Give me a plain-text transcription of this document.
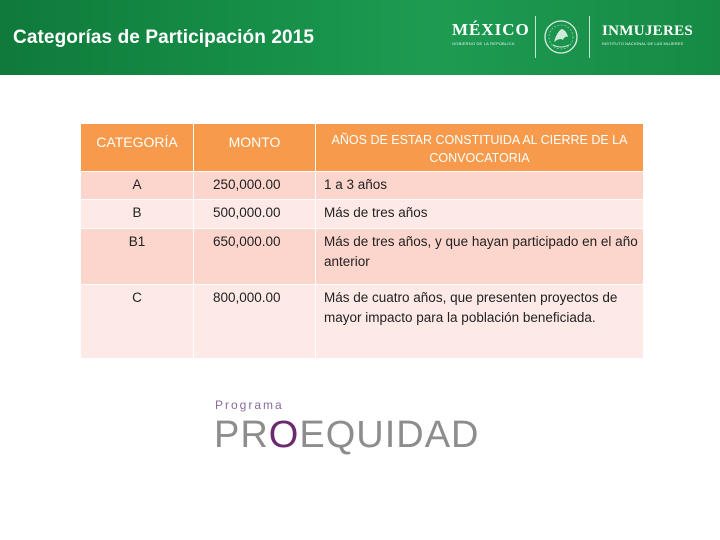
Categorías de Participación 2015	MÉXICO
GOBIERNO DE LA REPÚBLICA
INMUJERES
INSTITUTO NACIONAL DE LAS MUJERES
CATEGORÍA	MONTO	AÑOS DE ESTAR CONSTITUIDA AL CIERRE DE LA CONVOCATORIA
A	250,000.00	1 a 3 años
B	500,000.00	Más de tres años
B1	650,000.00	Más de tres años, y que hayan participado en el año anterior
C	800,000.00	Más de cuatro años, que presenten proyectos de mayor impacto para la población beneficiada.
Programa
PROEQUIDAD
